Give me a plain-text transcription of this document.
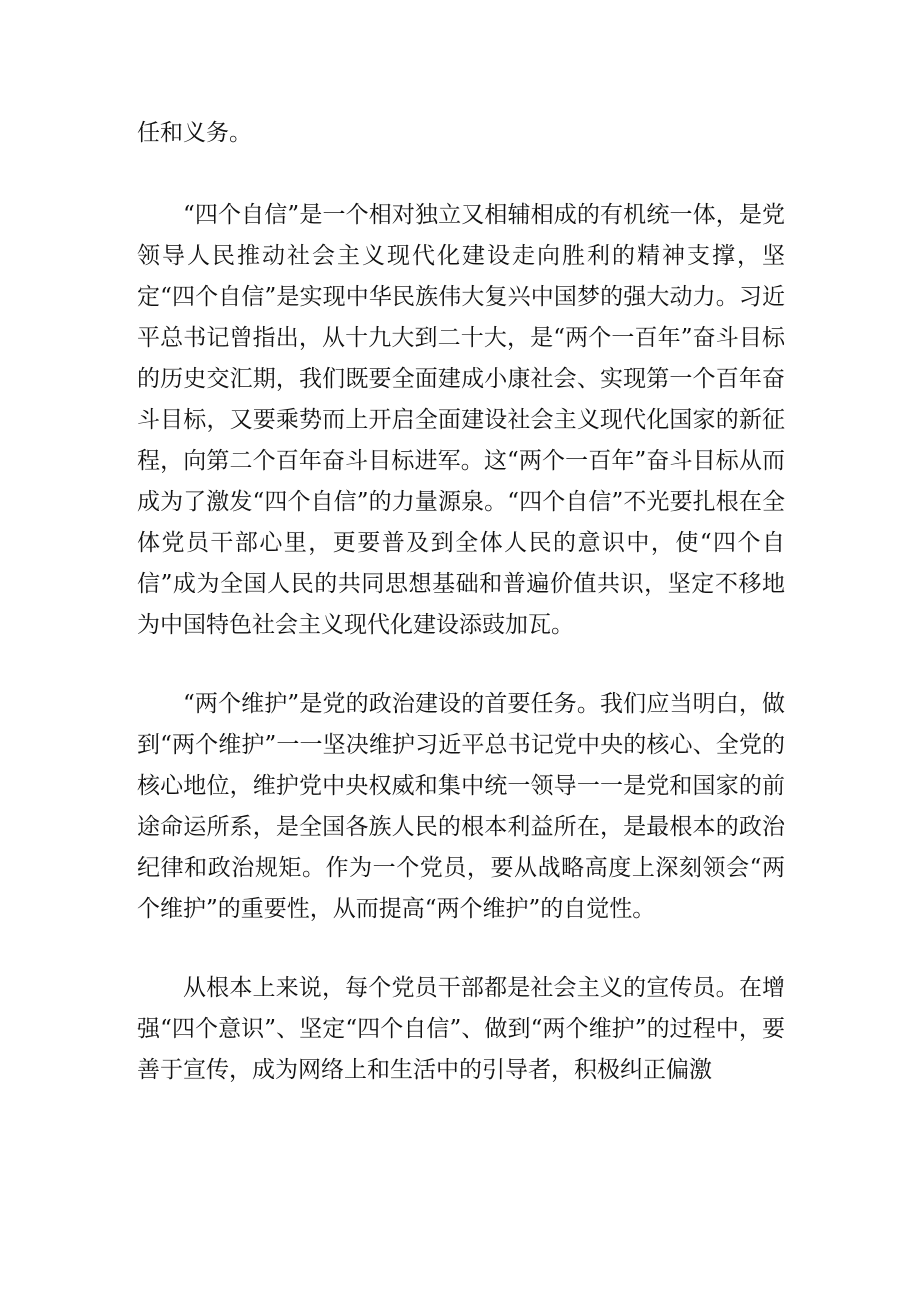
任和义务。

“四个自信”是一个相对独立又相辅相成的有机统一体，是党领导人民推动社会主义现代化建设走向胜利的精神支撑，坚定“四个自信”是实现中华民族伟大复兴中国梦的强大动力。习近平总书记曾指出，从十九大到二十大，是“两个一百年”奋斗目标的历史交汇期，我们既要全面建成小康社会、实现第一个百年奋斗目标，又要乘势而上开启全面建设社会主义现代化国家的新征程，向第二个百年奋斗目标进军。这“两个一百年”奋斗目标从而成为了激发“四个自信”的力量源泉。“四个自信”不光要扎根在全体党员干部心里，更要普及到全体人民的意识中，使“四个自信”成为全国人民的共同思想基础和普遍价值共识，坚定不移地为中国特色社会主义现代化建设添豉加瓦。

“两个维护”是党的政治建设的首要任务。我们应当明白，做到“两个维护”一一坚决维护习近平总书记党中央的核心、全党的核心地位，维护党中央权威和集中统一领导一一是党和国家的前途命运所系，是全国各族人民的根本利益所在，是最根本的政治纪律和政治规矩。作为一个党员，要从战略高度上深刻领会“两个维护”的重要性，从而提高“两个维护”的自觉性。

从根本上来说，每个党员干部都是社会主义的宣传员。在增强“四个意识”、坚定“四个自信”、做到“两个维护”的过程中，要善于宣传，成为网络上和生活中的引导者，积极纠正偏激
